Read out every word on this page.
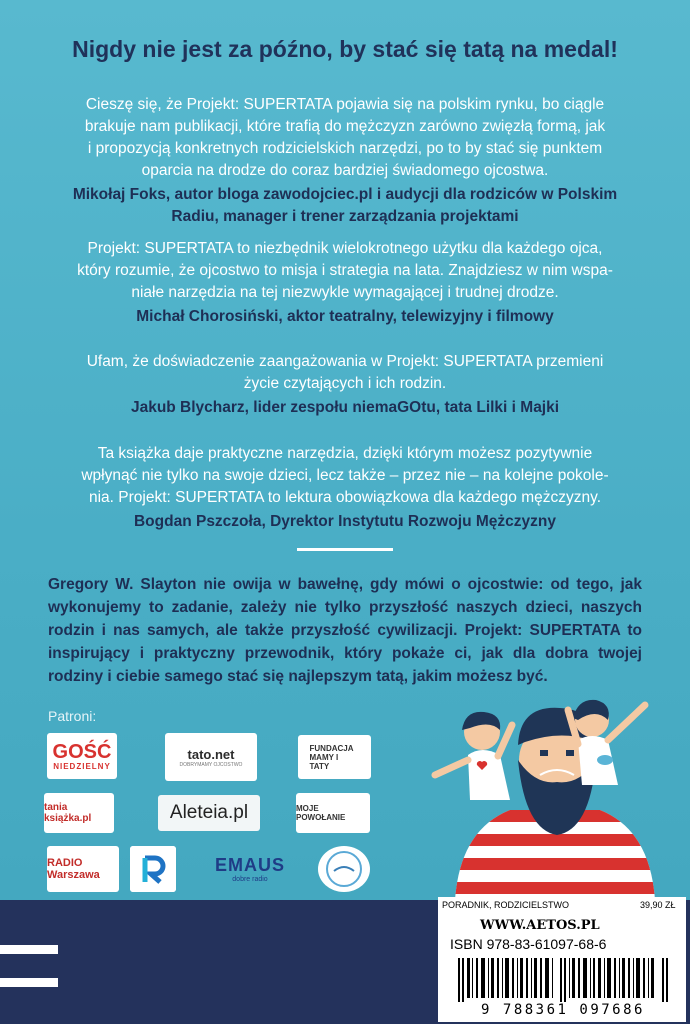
Nigdy nie jest za późno, by stać się tatą na medal!

Cieszę się, że Projekt: SUPERTATA pojawia się na polskim rynku, bo ciągle

brakuje nam publikacji, które trafią do mężczyzn zarówno zwięzłą formą, jak

i propozycją konkretnych rodzicielskich narzędzi, po to by stać się punktem

oparcia na drodze do coraz bardziej świadomego ojcostwa.

Mikołaj Foks, autor bloga zawodojciec.pl i audycji dla rodziców w Polskim

Radiu, manager i trener zarządzania projektami

Projekt: SUPERTATA to niezbędnik wielokrotnego użytku dla każdego ojca,

który rozumie, że ojcostwo to misja i strategia na lata. Znajdziesz w nim wspa-

niałe narzędzia na tej niezwykle wymagającej i trudnej drodze.

Michał Chorosiński, aktor teatralny, telewizyjny i filmowy

Ufam, że doświadczenie zaangażowania w Projekt: SUPERTATA przemieni

życie czytających i ich rodzin.

Jakub Blycharz, lider zespołu niemaGOtu, tata Lilki i Majki

Ta książka daje praktyczne narzędzia, dzięki którym możesz pozytywnie

wpłynąć nie tylko na swoje dzieci, lecz także – przez nie – na kolejne pokole-

nia. Projekt: SUPERTATA to lektura obowiązkowa dla każdego mężczyzny.

Bogdan Pszczoła, Dyrektor Instytutu Rozwoju Mężczyzny

Gregory W. Slayton nie owija w bawełnę, gdy mówi o ojcostwie: od tego, jak wykonujemy to zadanie, zależy nie tylko przyszłość naszych dzieci, naszych rodzin i nas samych, ale także przyszłość cywilizacji. Projekt: SUPERTATA to inspirujący i praktyczny przewodnik, który pokaże ci, jak dla dobra twojej rodziny i ciebie samego stać się najlepszym tatą, jakim możesz być.
Patroni:
GOŚĆ
NIEDZIELNY
tato.net
DOBRYMAMY OJCOSTWO
FUNDACJA MAMY I TATY
tania książka.pl	Aleteia.pl	MOJE POWOŁANIE
RADIO Warszawa	EMAUS
dobre radio
PORADNIK, RODZICIELSTWO	39,90 ZŁ
WWW.AETOS.PL
ISBN 978-83-61097-68-6
9 788361 097686
